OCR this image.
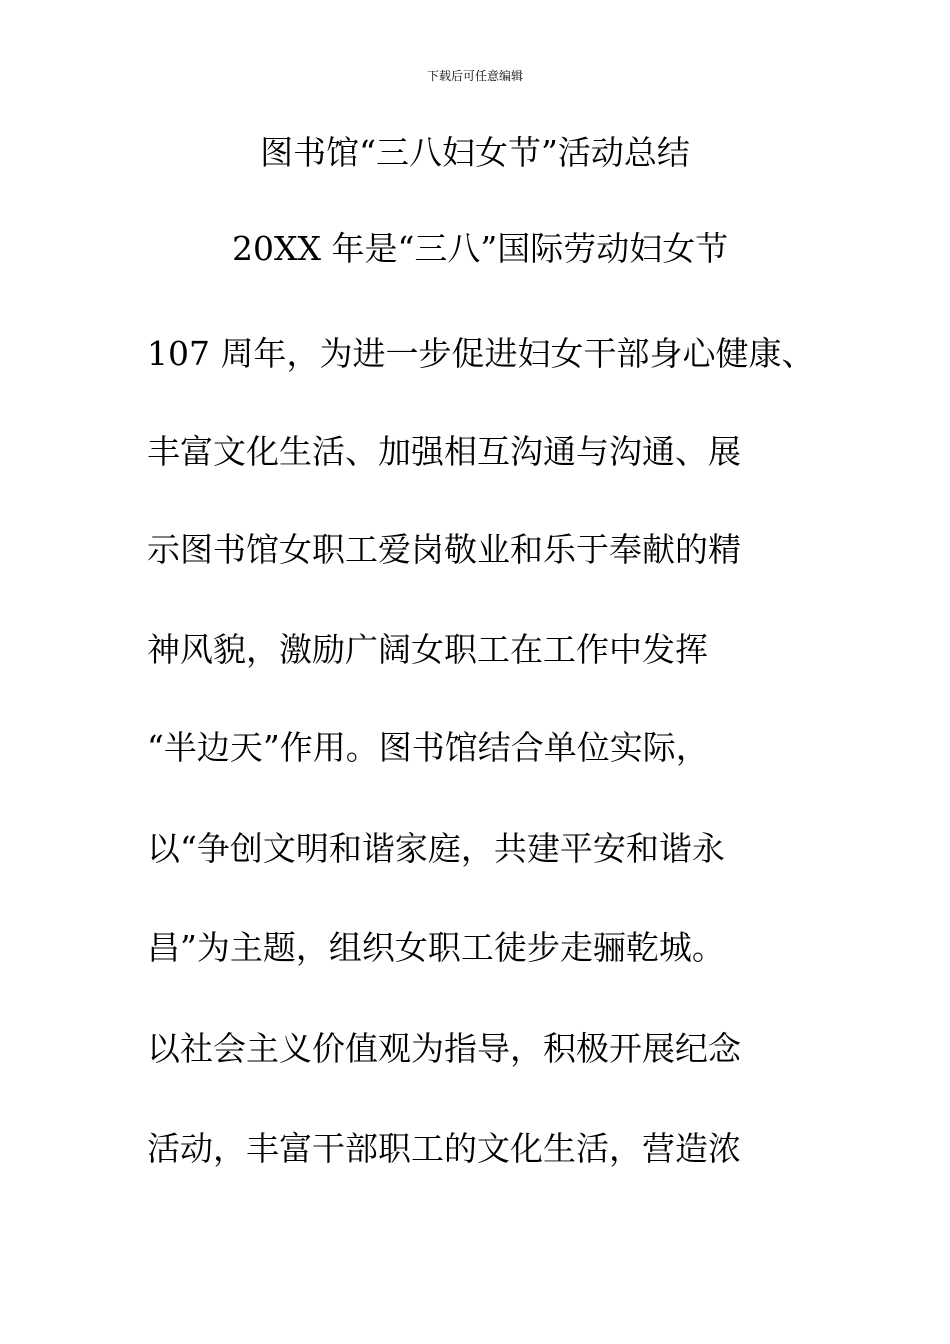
下载后可任意编辑
图书馆“三八妇女节”活动总结
20XX 年是“三八”国际劳动妇女节
107 周年，为进一步促进妇女干部身心健康、
丰富文化生活、加强相互沟通与沟通、展
示图书馆女职工爱岗敬业和乐于奉献的精
神风貌，激励广阔女职工在工作中发挥
“半边天”作用。图书馆结合单位实际，
以“争创文明和谐家庭，共建平安和谐永
昌”为主题，组织女职工徒步走骊乾城。
以社会主义价值观为指导，积极开展纪念
活动，丰富干部职工的文化生活，营造浓
